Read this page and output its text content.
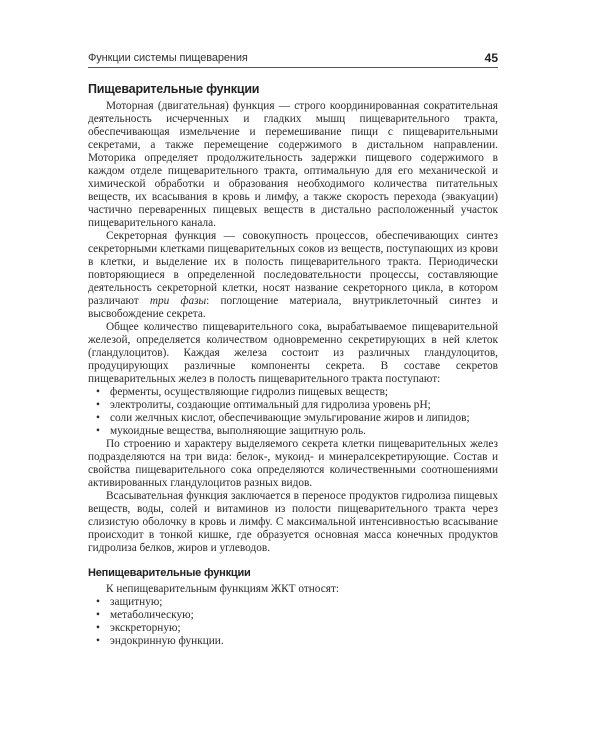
Функции системы пищеварения	45
Пищеварительные функции

Моторная (двигательная) функция — строго координированная сократительная деятельность исчерченных и гладких мышц пищеварительного тракта, обеспечивающая измельчение и перемешивание пищи с пищеварительными секретами, а также перемещение содержимого в дистальном направлении. Моторика определяет продолжительность задержки пищевого содержимого в каждом отделе пищеварительного тракта, оптимальную для его механической и химической обработки и образования необходимого количества питательных веществ, их всасывания в кровь и лимфу, а также скорость перехода (эвакуации) частично переваренных пищевых веществ в дистально расположенный участок пищеварительного канала.

Секреторная функция — совокупность процессов, обеспечивающих синтез секреторными клетками пищеварительных соков из веществ, поступающих из крови в клетки, и выделение их в полость пищеварительного тракта. Периодически повторяющиеся в определенной последовательности процессы, составляющие деятельность секреторной клетки, носят название секреторного цикла, в котором различают три фазы: поглощение материала, внутриклеточный синтез и высвобождение секрета.

Общее количество пищеварительного сока, вырабатываемое пищеварительной железой, определяется количеством одновременно секретирующих в ней клеток (гландулоцитов). Каждая железа состоит из различных гландулоцитов, продуцирующих различные компоненты секрета. В составе секретов пищеварительных желез в полость пищеварительного тракта поступают:

• ферменты, осуществляющие гидролиз пищевых веществ;
• электролиты, создающие оптимальный для гидролиза уровень рН;
• соли желчных кислот, обеспечивающие эмульгирование жиров и липидов;
• мукоидные вещества, выполняющие защитную роль.

По строению и характеру выделяемого секрета клетки пищеварительных желез подразделяются на три вида: белок-, мукоид- и минералсекретирующие. Состав и свойства пищеварительного сока определяются количественными соотношениями активированных гландулоцитов разных видов.

Всасывательная функция заключается в переносе продуктов гидролиза пищевых веществ, воды, солей и витаминов из полости пищеварительного тракта через слизистую оболочку в кровь и лимфу. С максимальной интенсивностью всасывание происходит в тонкой кишке, где образуется основная масса конечных продуктов гидролиза белков, жиров и углеводов.

Непищеварительные функции

К непищеварительным функциям ЖКТ относят:

• защитную;
• метаболическую;
• экскреторную;
• эндокринную функции.
